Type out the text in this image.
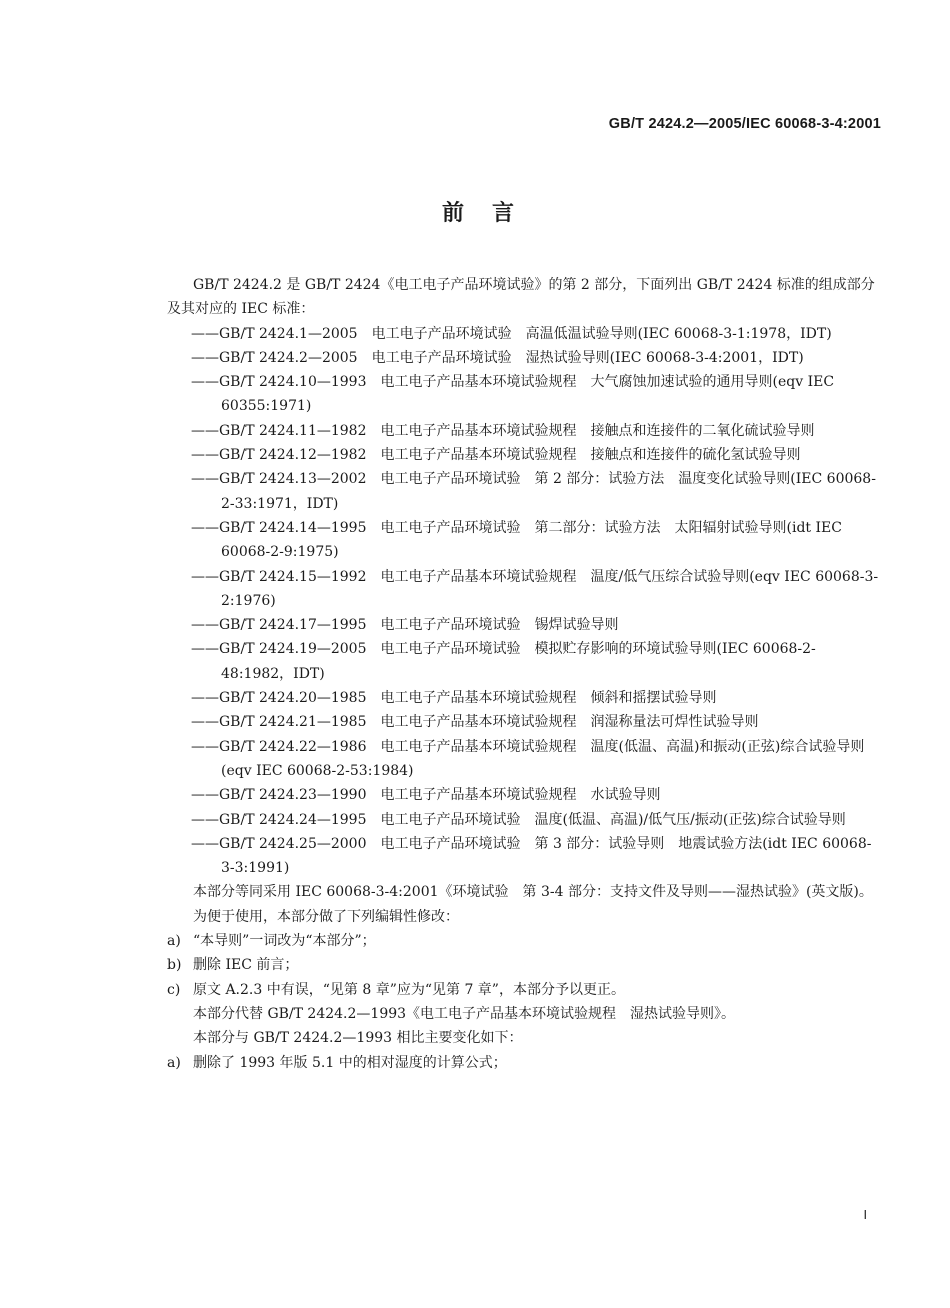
GB/T 2424.2—2005/IEC 60068-3-4:2001
前言

GB/T 2424.2 是 GB/T 2424《电工电子产品环境试验》的第 2 部分，下面列出 GB/T 2424 标准的组成部分及其对应的 IEC 标准：

——GB/T 2424.1—2005 电工电子产品环境试验 高温低温试验导则(IEC 60068-3-1:1978，IDT)
——GB/T 2424.2—2005 电工电子产品环境试验 湿热试验导则(IEC 60068-3-4:2001，IDT)
——GB/T 2424.10—1993 电工电子产品基本环境试验规程 大气腐蚀加速试验的通用导则(eqv IEC 60355:1971)
——GB/T 2424.11—1982 电工电子产品基本环境试验规程 接触点和连接件的二氧化硫试验导则
——GB/T 2424.12—1982 电工电子产品基本环境试验规程 接触点和连接件的硫化氢试验导则
——GB/T 2424.13—2002 电工电子产品环境试验 第 2 部分：试验方法　温度变化试验导则(IEC 60068-2-33:1971，IDT)
——GB/T 2424.14—1995 电工电子产品环境试验 第二部分：试验方法　太阳辐射试验导则(idt IEC 60068-2-9:1975)
——GB/T 2424.15—1992 电工电子产品基本环境试验规程 温度/低气压综合试验导则(eqv IEC 60068-3-2:1976)
——GB/T 2424.17—1995 电工电子产品环境试验 锡焊试验导则
——GB/T 2424.19—2005 电工电子产品环境试验 模拟贮存影响的环境试验导则(IEC 60068-2-48:1982，IDT)
——GB/T 2424.20—1985 电工电子产品基本环境试验规程 倾斜和摇摆试验导则
——GB/T 2424.21—1985 电工电子产品基本环境试验规程 润湿称量法可焊性试验导则
——GB/T 2424.22—1986 电工电子产品基本环境试验规程 温度(低温、高温)和振动(正弦)综合试验导则(eqv IEC 60068-2-53:1984)
——GB/T 2424.23—1990 电工电子产品基本环境试验规程 水试验导则
——GB/T 2424.24—1995 电工电子产品环境试验 温度(低温、高温)/低气压/振动(正弦)综合试验导则
——GB/T 2424.25—2000 电工电子产品环境试验 第 3 部分：试验导则　地震试验方法(idt IEC 60068-3-3:1991)

本部分等同采用 IEC 60068-3-4:2001《环境试验　第 3-4 部分：支持文件及导则——湿热试验》(英文版)。

为便于使用，本部分做了下列编辑性修改：

a) “本导则”一词改为“本部分”；
b) 删除 IEC 前言；
c) 原文 A.2.3 中有误，“见第 8 章”应为“见第 7 章”，本部分予以更正。

本部分代替 GB/T 2424.2—1993《电工电子产品基本环境试验规程　湿热试验导则》。

本部分与 GB/T 2424.2—1993 相比主要变化如下：

a) 删除了 1993 年版 5.1 中的相对湿度的计算公式；
I
